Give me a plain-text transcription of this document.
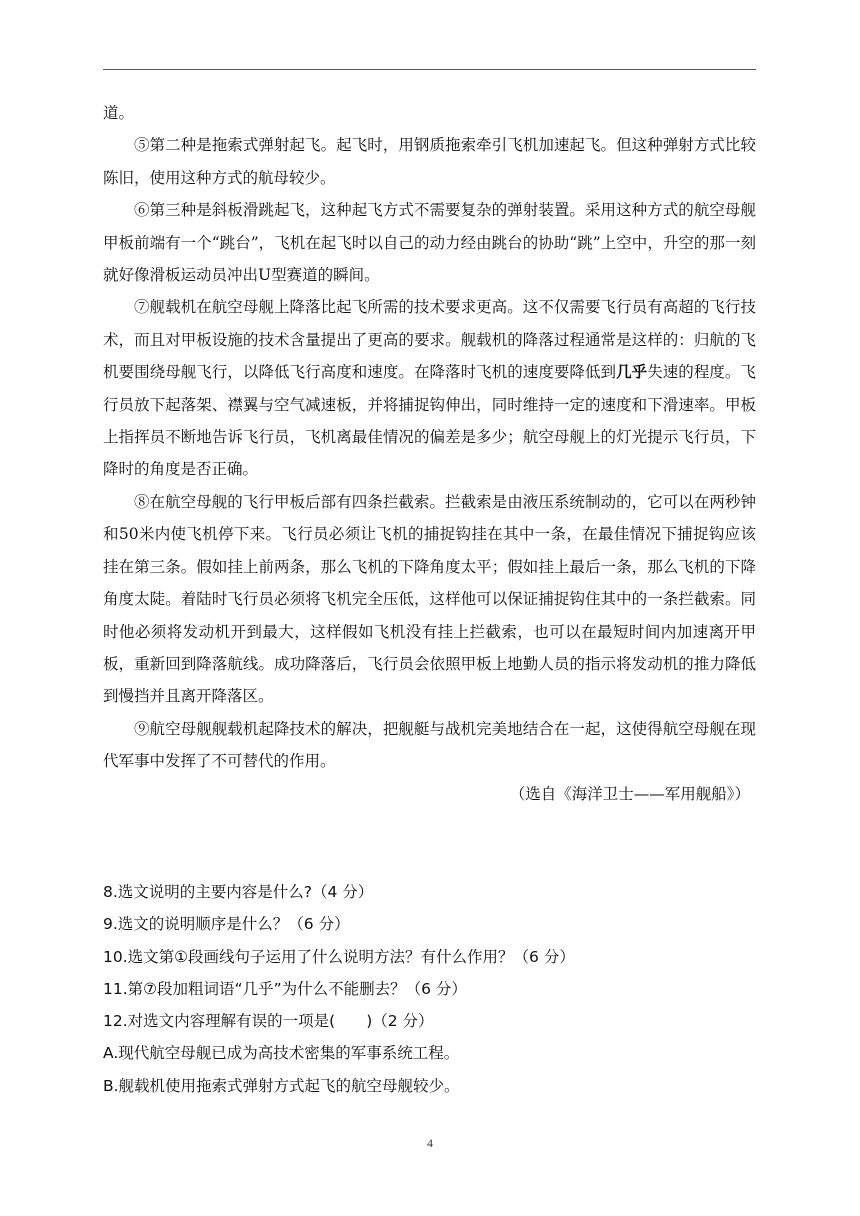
道。

⑤第二种是拖索式弹射起飞。起飞时，用钢质拖索牵引飞机加速起飞。但这种弹射方式比较陈旧，使用这种方式的航母较少。

⑥第三种是斜板滑跳起飞，这种起飞方式不需要复杂的弹射装置。采用这种方式的航空母舰甲板前端有一个“跳台”，飞机在起飞时以自己的动力经由跳台的协助“跳”上空中，升空的那一刻就好像滑板运动员冲出U型赛道的瞬间。

⑦舰载机在航空母舰上降落比起飞所需的技术要求更高。这不仅需要飞行员有高超的飞行技术，而且对甲板设施的技术含量提出了更高的要求。舰载机的降落过程通常是这样的：归航的飞机要围绕母舰飞行，以降低飞行高度和速度。在降落时飞机的速度要降低到几乎失速的程度。飞行员放下起落架、襟翼与空气减速板，并将捕捉钩伸出，同时维持一定的速度和下滑速率。甲板上指挥员不断地告诉飞行员，飞机离最佳情况的偏差是多少；航空母舰上的灯光提示飞行员，下降时的角度是否正确。

⑧在航空母舰的飞行甲板后部有四条拦截索。拦截索是由液压系统制动的，它可以在两秒钟和50米内使飞机停下来。飞行员必须让飞机的捕捉钩挂在其中一条，在最佳情况下捕捉钩应该挂在第三条。假如挂上前两条，那么飞机的下降角度太平；假如挂上最后一条，那么飞机的下降角度太陡。着陆时飞行员必须将飞机完全压低，这样他可以保证捕捉钩住其中的一条拦截索。同时他必须将发动机开到最大，这样假如飞机没有挂上拦截索，也可以在最短时间内加速离开甲板，重新回到降落航线。成功降落后，飞行员会依照甲板上地勤人员的指示将发动机的推力降低到慢挡并且离开降落区。

⑨航空母舰舰载机起降技术的解决，把舰艇与战机完美地结合在一起，这使得航空母舰在现代军事中发挥了不可替代的作用。

（选自《海洋卫士——军用舰船》）

8.选文说明的主要内容是什么?（4 分）

9.选文的说明顺序是什么？（6 分）

10.选文第①段画线句子运用了什么说明方法？有什么作用？（6 分）

11.第⑦段加粗词语“几乎”为什么不能删去？（6 分）

12.对选文内容理解有误的一项是(　　)（2 分）

A.现代航空母舰已成为高技术密集的军事系统工程。

B.舰载机使用拖索式弹射方式起飞的航空母舰较少。

4
